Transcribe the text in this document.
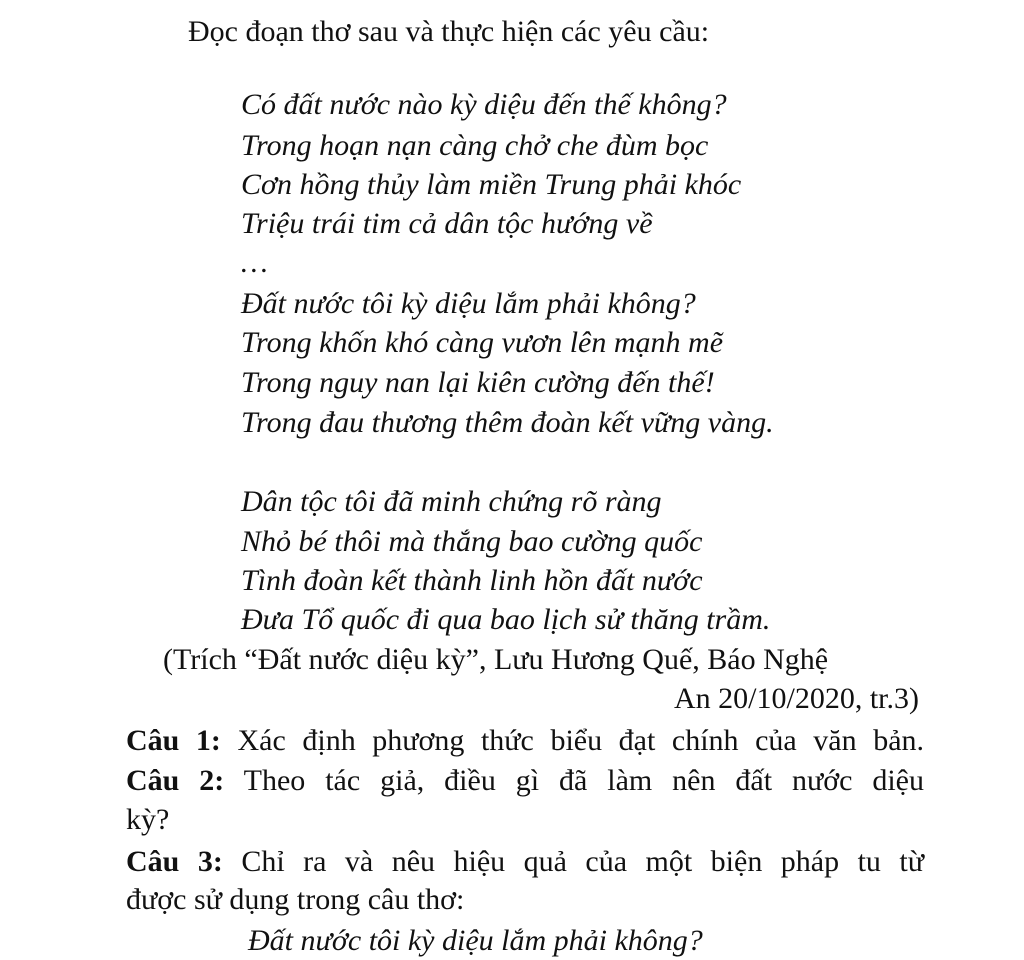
Đọc đoạn thơ sau và thực hiện các yêu cầu:
Có đất nước nào kỳ diệu đến thế không?
Trong hoạn nạn càng chở che đùm bọc
Cơn hồng thủy làm miền Trung phải khóc
Triệu trái tim cả dân tộc hướng về
…
Đất nước tôi kỳ diệu lắm phải không?
Trong khốn khó càng vươn lên mạnh mẽ
Trong nguy nan lại kiên cường đến thế!
Trong đau thương thêm đoàn kết vững vàng.
Dân tộc tôi đã minh chứng rõ ràng
Nhỏ bé thôi mà thắng bao cường quốc
Tình đoàn kết thành linh hồn đất nước
Đưa Tổ quốc đi qua bao lịch sử thăng trầm.
(Trích “Đất nước diệu kỳ”, Lưu Hương Quế, Báo Nghệ
An 20/10/2020, tr.3)
Câu 1: Xác định phương thức biểu đạt chính của văn bản.
Câu 2: Theo tác giả, điều gì đã làm nên đất nước diệu
kỳ?
Câu 3: Chỉ ra và nêu hiệu quả của một biện pháp tu từ
được sử dụng trong câu thơ:
Đất nước tôi kỳ diệu lắm phải không?
